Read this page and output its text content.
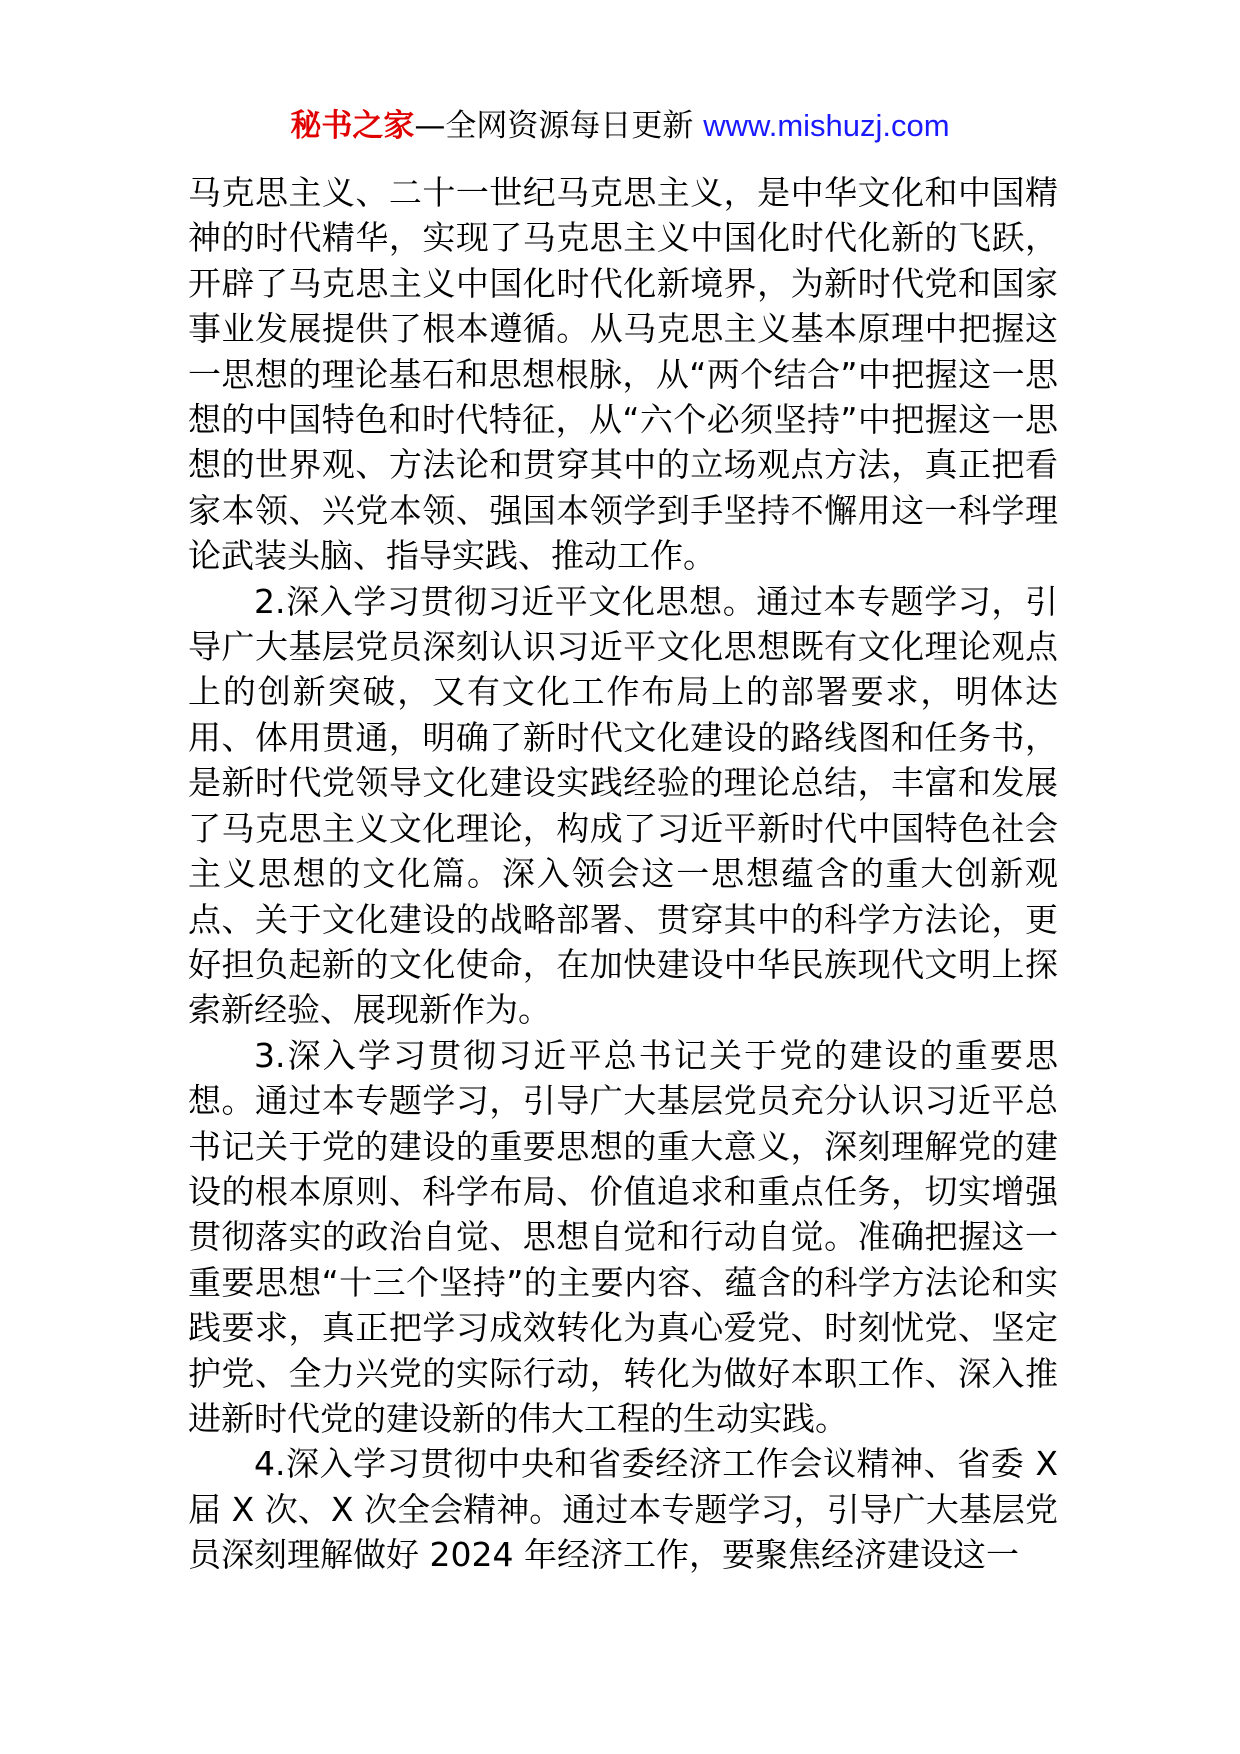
秘书之家—全网资源每日更新 www.mishuzj.com

马克思主义、二十一世纪马克思主义，是中华文化和中国精神的时代精华，实现了马克思主义中国化时代化新的飞跃，开辟了马克思主义中国化时代化新境界，为新时代党和国家事业发展提供了根本遵循。从马克思主义基本原理中把握这一思想的理论基石和思想根脉，从“两个结合”中把握这一思想的中国特色和时代特征，从“六个必须坚持”中把握这一思想的世界观、方法论和贯穿其中的立场观点方法，真正把看家本领、兴党本领、强国本领学到手坚持不懈用这一科学理论武装头脑、指导实践、推动工作。

2.深入学习贯彻习近平文化思想。通过本专题学习，引导广大基层党员深刻认识习近平文化思想既有文化理论观点上的创新突破，又有文化工作布局上的部署要求，明体达用、体用贯通，明确了新时代文化建设的路线图和任务书，是新时代党领导文化建设实践经验的理论总结，丰富和发展了马克思主义文化理论，构成了习近平新时代中国特色社会主义思想的文化篇。深入领会这一思想蕴含的重大创新观点、关于文化建设的战略部署、贯穿其中的科学方法论，更好担负起新的文化使命，在加快建设中华民族现代文明上探索新经验、展现新作为。

3.深入学习贯彻习近平总书记关于党的建设的重要思想。通过本专题学习，引导广大基层党员充分认识习近平总书记关于党的建设的重要思想的重大意义，深刻理解党的建设的根本原则、科学布局、价值追求和重点任务，切实增强贯彻落实的政治自觉、思想自觉和行动自觉。准确把握这一重要思想“十三个坚持”的主要内容、蕴含的科学方法论和实践要求，真正把学习成效转化为真心爱党、时刻忧党、坚定护党、全力兴党的实际行动，转化为做好本职工作、深入推进新时代党的建设新的伟大工程的生动实践。

4.深入学习贯彻中央和省委经济工作会议精神、省委 X 届 X 次、X 次全会精神。通过本专题学习，引导广大基层党员深刻理解做好 2024 年经济工作，要聚焦经济建设这一
